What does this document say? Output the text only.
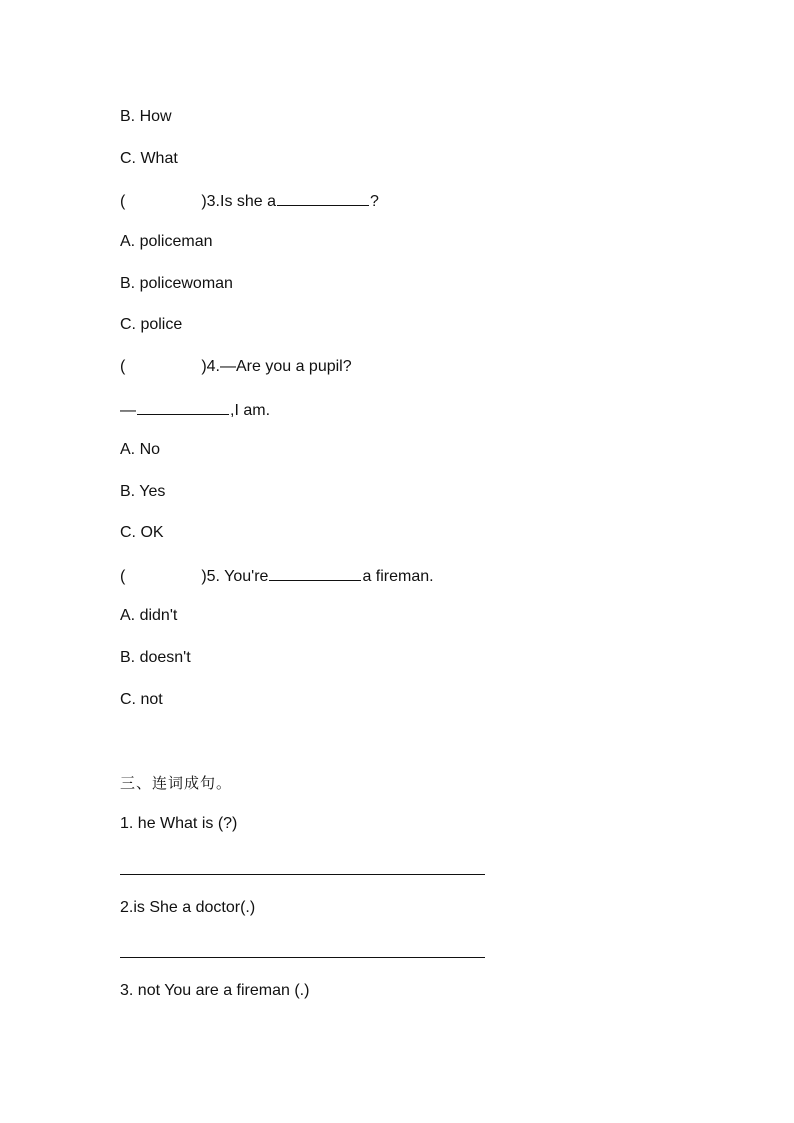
B. How
C. What
(	)3.Is she a	?
A. policeman
B. policewoman
C. police
(	)4.—Are you a pupil?
—	,I am.
A. No
B. Yes
C. OK
(	)5. You're	a fireman.
A. didn't
B. doesn't
C. not
三、连词成句。
1. he What is (?)
2.is She a doctor(.)
3. not You are a fireman (.)
